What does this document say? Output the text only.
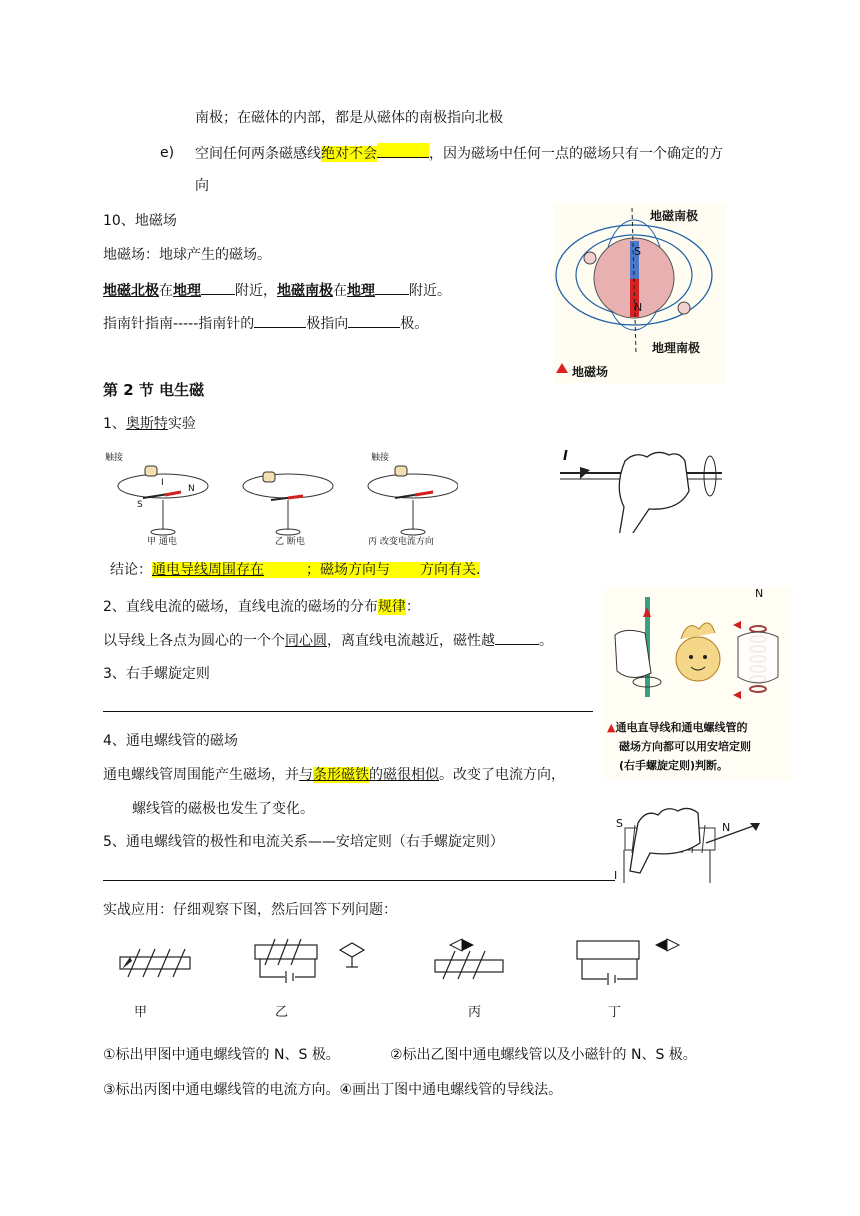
南极；在磁体的内部，都是从磁体的南极指向北极
e) 空间任何两条磁感线绝对不会	，因为磁场中任何一点的磁场只有一个确定的方
向
10、地磁场
地磁场：地球产生的磁场。
地磁北极在地理 附近，地磁南极在地理 附近。
指南针指南-----指南针的	极指向	极。
第 2 节 电生磁
1、奥斯特实验
结论：通电导线周围存在	；磁场方向与 方向有关.
2、直线电流的磁场，直线电流的磁场的分布规律：
以导线上各点为圆心的一个个同心圆，离直线电流越近，磁性越	。
3、右手螺旋定则
4、通电螺线管的磁场
通电螺线管周围能产生磁场，并与条形磁铁的磁很相似。改变了电流方向，
螺线管的磁极也发生了变化。
5、通电螺线管的极性和电流关系——安培定则（右手螺旋定则）
实战应用：仔细观察下图，然后回答下列问题：
①标出甲图中通电螺线管的 N、S 极。	②标出乙图中通电螺线管以及小磁针的 N、S 极。
③标出丙图中通电螺线管的电流方向。④画出丁图中通电螺线管的导线法。
地磁南极
地理南极
地磁场
S
N
触接	触接
S
N
I
甲 通电	乙 断电	丙 改变电流方向
I
N
▲通电直导线和通电螺线管的
磁场方向都可以用安培定则
(右手螺旋定则)判断。
S	N
I
甲	乙	丙	丁
